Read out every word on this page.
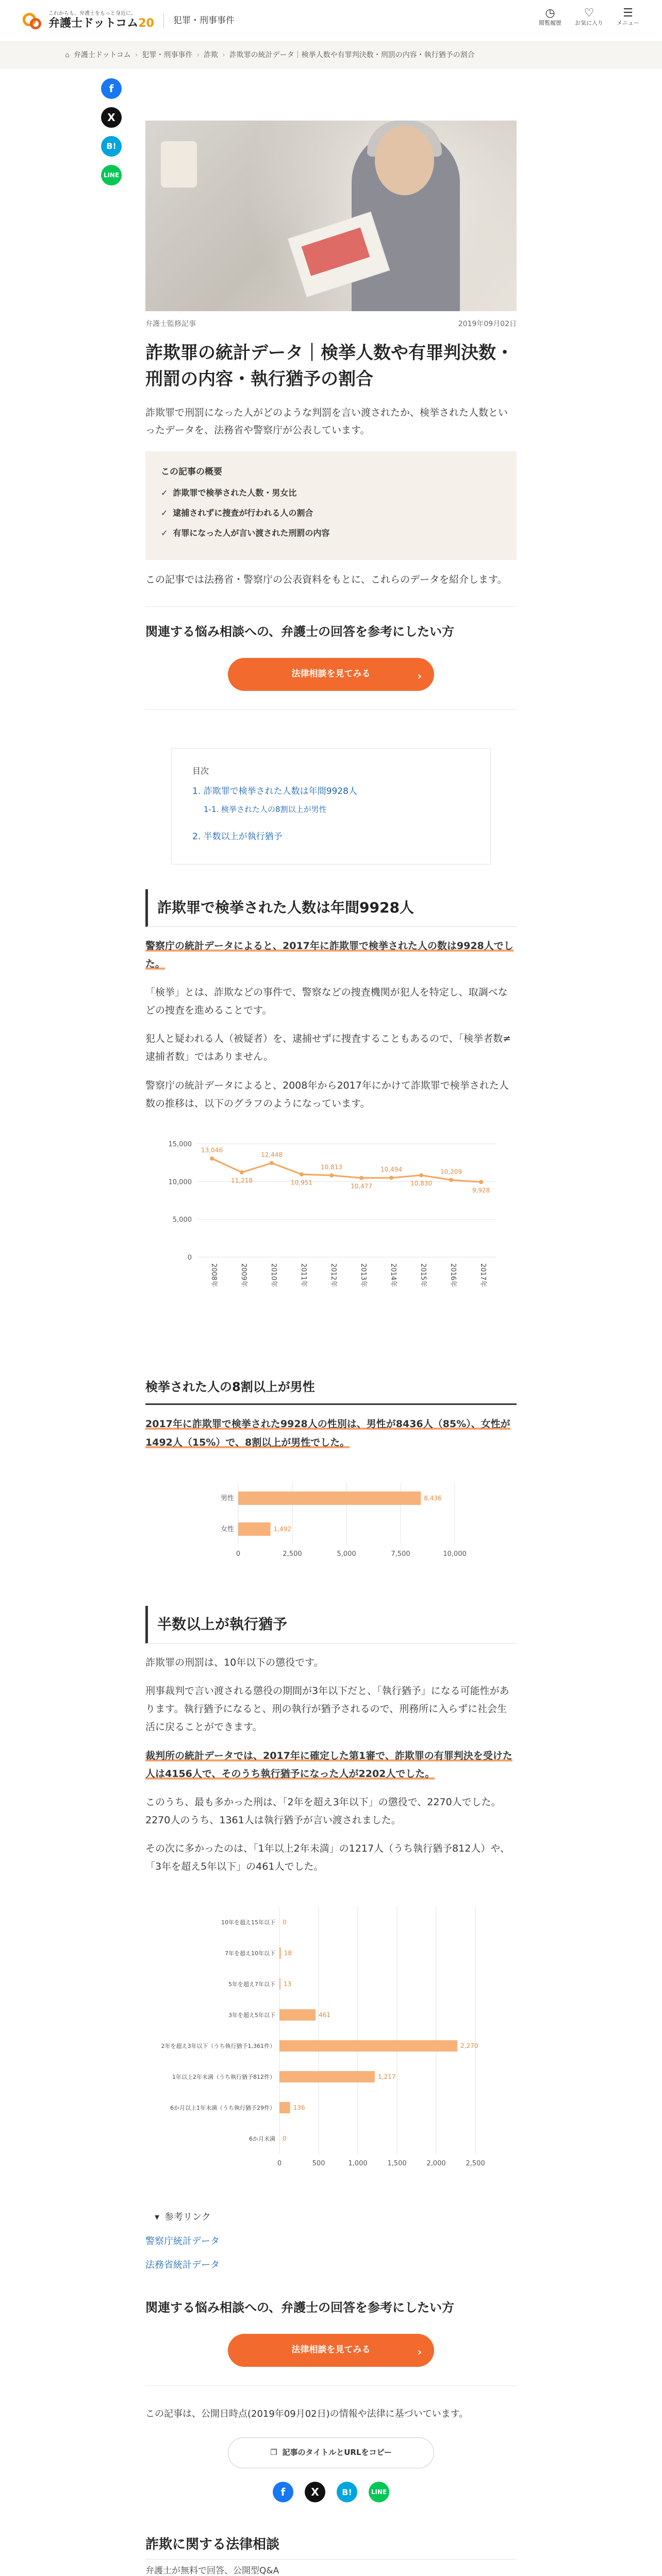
これからも、弁護士をもっと身近に。
弁護士ドットコム20	犯罪・刑事事件
◷
閲覧履歴
♡
お気に入り
☰
メニュー
⌂ 弁護士ドットコム › 犯罪・刑事事件 › 詐欺 › 詐欺罪の統計データ｜検挙人数や有罪判決数・刑罰の内容・執行猶予の割合
f
X
B!
LINE
弁護士監修記事	2019年09月02日
詐欺罪の統計データ｜検挙人数や有罪判決数・刑罰の内容・執行猶予の割合

詐欺罪で刑罰になった人がどのような判罰を言い渡されたか、検挙された人数といったデータを、法務省や警察庁が公表しています。

この記事の概要
✓ 詐欺罪で検挙された人数・男女比
✓ 逮捕されずに捜査が行われる人の割合
✓ 有罪になった人が言い渡された刑罰の内容

この記事では法務省・警察庁の公表資料をもとに、これらのデータを紹介します。

関連する悩み相談への、弁護士の回答を参考にしたい方
法律相談を見てみる	›
目次
1. 詐欺罪で検挙された人数は年間9928人
1-1. 検挙された人の8割以上が男性
2. 半数以上が執行猶予
詐欺罪で検挙された人数は年間9928人

警察庁の統計データによると、2017年に詐欺罪で検挙された人の数は9928人でした。

「検挙」とは、詐欺などの事件で、警察などの捜査機関が犯人を特定し、取調べなどの捜査を進めることです。

犯人と疑われる人（被疑者）を、逮捕せずに捜査することもあるので、「検挙者数≠逮捕者数」ではありません。

警察庁の統計データによると、2008年から2017年にかけて詐欺罪で検挙された人数の推移は、以下のグラフのようになっています。

0
5,000
10,000
15,000
13,046
2008年
11,218
2009年
12,448
2010年
10,951
2011年
10,813
2012年
10,477
2013年
10,494
2014年
10,830
2015年
10,209
2016年
9,928
2017年
検挙された人の8割以上が男性

2017年に詐欺罪で検挙された9928人の性別は、男性が8436人（85%）、女性が1492人（15%）で、8割以上が男性でした。

0	2,500	5,000	7,500	10,000
男性	8,436
女性	1,492
半数以上が執行猶予

詐欺罪の刑罰は、10年以下の懲役です。

刑事裁判で言い渡される懲役の期間が3年以下だと、「執行猶予」になる可能性があります。執行猶予になると、刑の執行が猶予されるので、刑務所に入らずに社会生活に戻ることができます。

裁判所の統計データでは、2017年に確定した第1審で、詐欺罪の有罪判決を受けた人は4156人で、そのうち執行猶予になった人が2202人でした。

このうち、最も多かった刑は、「2年を超え3年以下」の懲役で、2270人でした。2270人のうち、1361人は執行猶予が言い渡されました。

その次に多かったのは、「1年以上2年未満」の1217人（うち執行猶予812人）や、「3年を超え5年以下」の461人でした。

0	500	1,000	1,500	2,000	2,500
10年を超え15年以下 0
7年を超え10年以下 18
5年を超え7年以下 13
3年を超え5年以下	461
2年を超え3年以下（うち執行猶予1,361件）	2,270
1年以上2年未満（うち執行猶予812件）	1,217
6か月以上1年未満（うち執行猶予29件）	136
6か月未満 0
▾ 参考リンク
警察庁統計データ
法務省統計データ
関連する悩み相談への、弁護士の回答を参考にしたい方
法律相談を見てみる	›

この記事は、公開日時点(2019年09月02日)の情報や法律に基づいています。

❐ 記事のタイトルとURLをコピー
f	X	B!	LINE
詐欺に関する法律相談
弁護士が無料で回答、公開型Q&A
